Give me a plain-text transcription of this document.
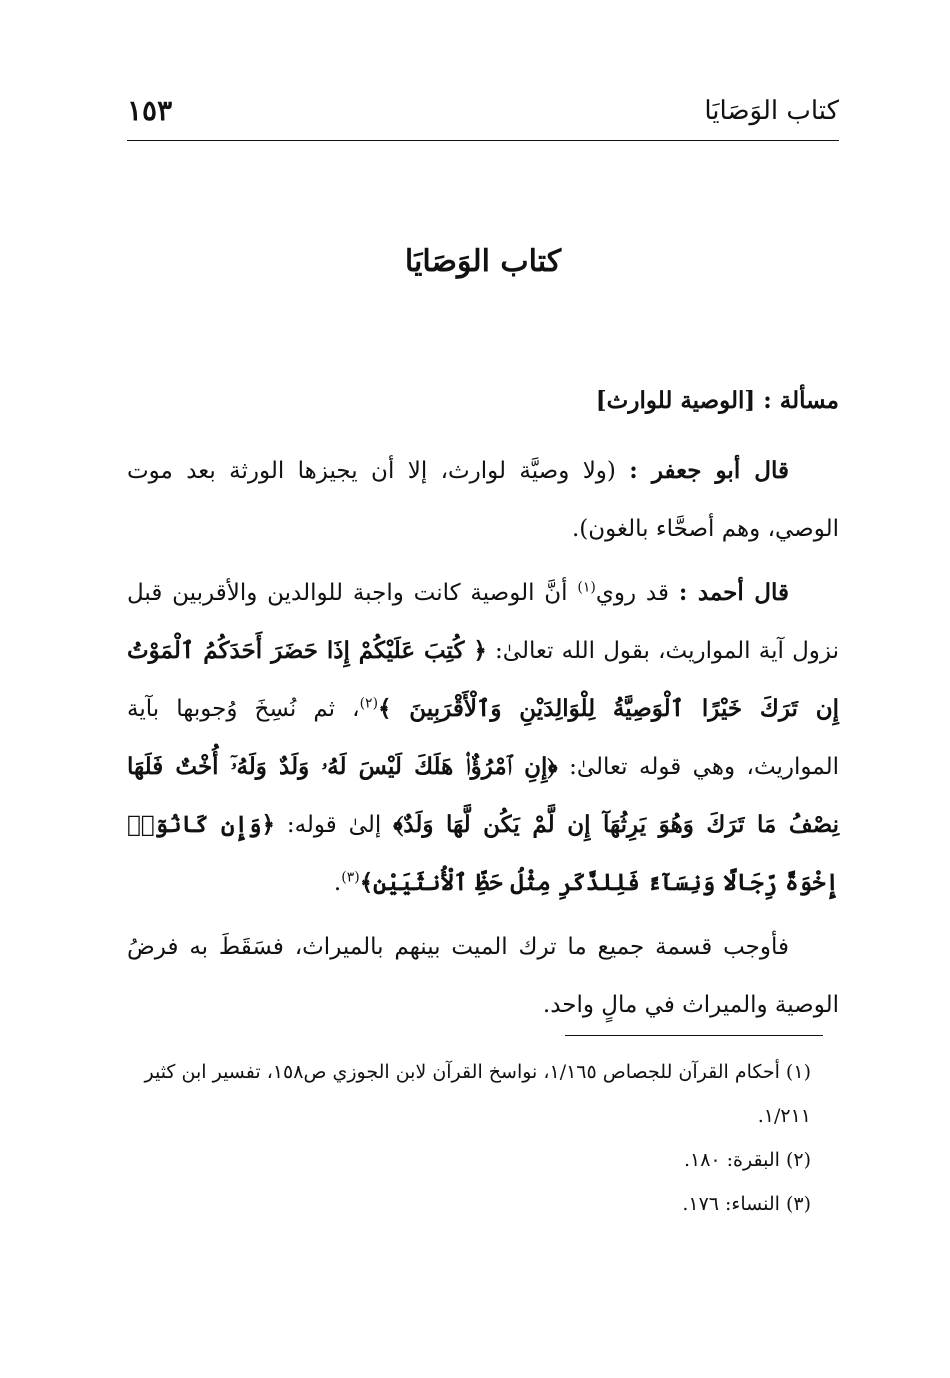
كتاب الوَصَايَا
١٥٣
كتاب الوَصَايَا

مسألة : [الوصية للوارث]

قال أبو جعفر : (ولا وصيَّة لوارث، إلا أن يجيزها الورثة بعد موت الوصي، وهم أصحَّاء بالغون).

قال أحمد : قد روي$^{(١)}$ أنَّ الوصية كانت واجبة للوالدين والأقربين قبل نزول آية المواريث، بقول الله تعالىٰ: ﴿ كُتِبَ عَلَيْكُمْ إِذَا حَضَرَ أَحَدَكُمُ ٱلْمَوْتُ إِن تَرَكَ خَيْرًا ٱلْوَصِيَّةُ لِلْوَالِدَيْنِ وَٱلْأَقْرَبِينَ ﴾$^{(٢)}$، ثم نُسِخَ وُجوبها بآية المواريث، وهي قوله تعالىٰ: ﴿إِنِ ٱمْرُؤٌا۟ هَلَكَ لَيْسَ لَهُۥ وَلَدٌ وَلَهُۥٓ أُخْتٌ فَلَهَا نِصْفُ مَا تَرَكَ وَهُوَ يَرِثُهَآ إِن لَّمْ يَكُن لَّهَا وَلَدٌ﴾ إلىٰ قوله: ﴿وَإِن كَانُوٓا۟ إِخْوَةً رِّجَالًا وَنِسَآءً فَلِلذَّكَرِ مِثْلُ حَظِّ ٱلْأُنثَيَيْنِ﴾$^{(٣)}$.

فأوجب قسمة جميع ما ترك الميت بينهم بالميراث، فسَقَطَ به فرضُ الوصية والميراث في مالٍ واحد.

(١) أحكام القرآن للجصاص ١/١٦٥، نواسخ القرآن لابن الجوزي ص١٥٨، تفسير ابن كثير ١/٢١١.

(٢) البقرة: ١٨٠.

(٣) النساء: ١٧٦.
